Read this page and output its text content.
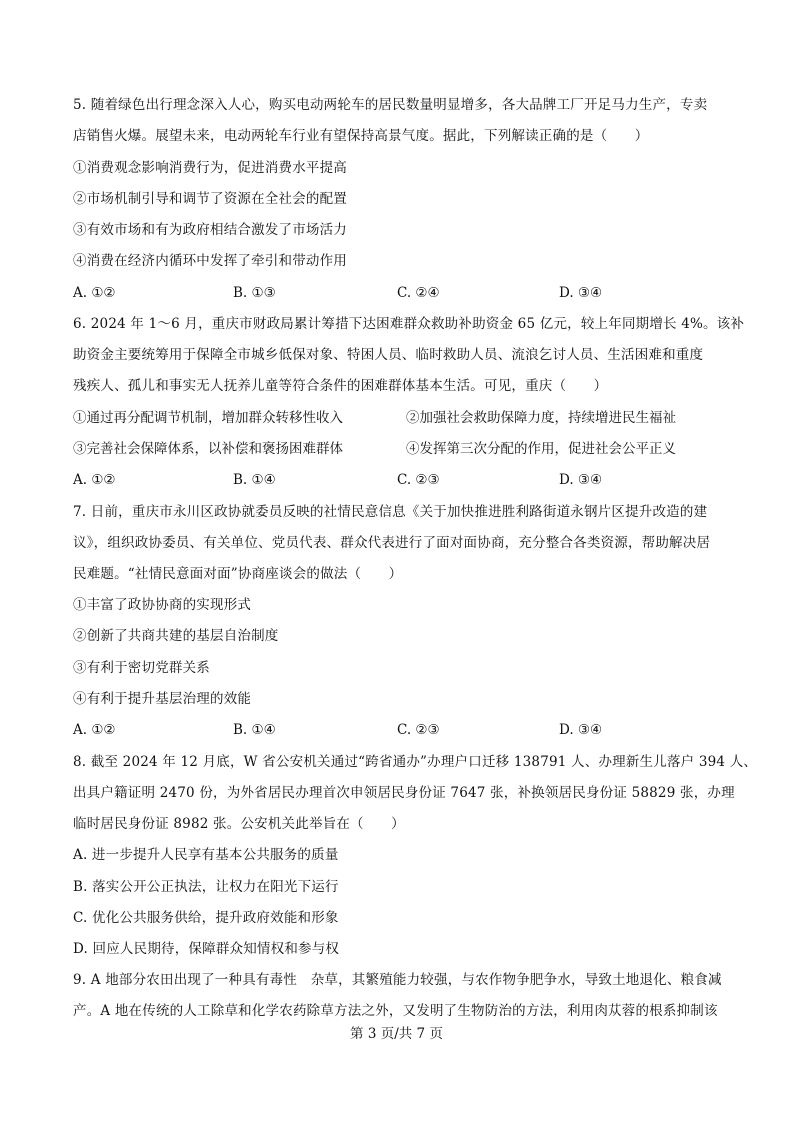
5. 随着绿色出行理念深入人心，购买电动两轮车的居民数量明显增多，各大品牌工厂开足马力生产，专卖
店销售火爆。展望未来，电动两轮车行业有望保持高景气度。据此，下列解读正确的是（　　）
①消费观念影响消费行为，促进消费水平提高
②市场机制引导和调节了资源在全社会的配置
③有效市场和有为政府相结合激发了市场活力
④消费在经济内循环中发挥了牵引和带动作用
A. ①②	B. ①③	C. ②④	D. ③④
6. 2024 年 1～6 月，重庆市财政局累计筹措下达困难群众救助补助资金 65 亿元，较上年同期增长 4%。该补
助资金主要统筹用于保障全市城乡低保对象、特困人员、临时救助人员、流浪乞讨人员、生活困难和重度
残疾人、孤儿和事实无人抚养儿童等符合条件的困难群体基本生活。可见，重庆（　　）
①通过再分配调节机制，增加群众转移性收入	②加强社会救助保障力度，持续增进民生福祉
③完善社会保障体系，以补偿和褒扬困难群体	④发挥第三次分配的作用，促进社会公平正义
A. ①②	B. ①④	C. ②③	D. ③④
7. 日前，重庆市永川区政协就委员反映的社情民意信息《关于加快推进胜利路街道永钢片区提升改造的建
议》，组织政协委员、有关单位、党员代表、群众代表进行了面对面协商，充分整合各类资源，帮助解决居
民难题。“社情民意面对面”协商座谈会的做法（　　）
①丰富了政协协商的实现形式
②创新了共商共建的基层自治制度
③有利于密切党群关系
④有利于提升基层治理的效能
A. ①②	B. ①④	C. ②③	D. ③④
8. 截至 2024 年 12 月底，W 省公安机关通过“跨省通办”办理户口迁移 138791 人、办理新生儿落户 394 人、
出具户籍证明 2470 份，为外省居民办理首次申领居民身份证 7647 张，补换领居民身份证 58829 张，办理
临时居民身份证 8982 张。公安机关此举旨在（　　）
A. 进一步提升人民享有基本公共服务的质量
B. 落实公开公正执法，让权力在阳光下运行
C. 优化公共服务供给，提升政府效能和形象
D. 回应人民期待，保障群众知情权和参与权
9. A 地部分农田出现了一种具有毒性　杂草，其繁殖能力较强，与农作物争肥争水，导致土地退化、粮食减
产。A 地在传统的人工除草和化学农药除草方法之外，又发明了生物防治的方法，利用肉苁蓉的根系抑制该
第 3 页/共 7 页
